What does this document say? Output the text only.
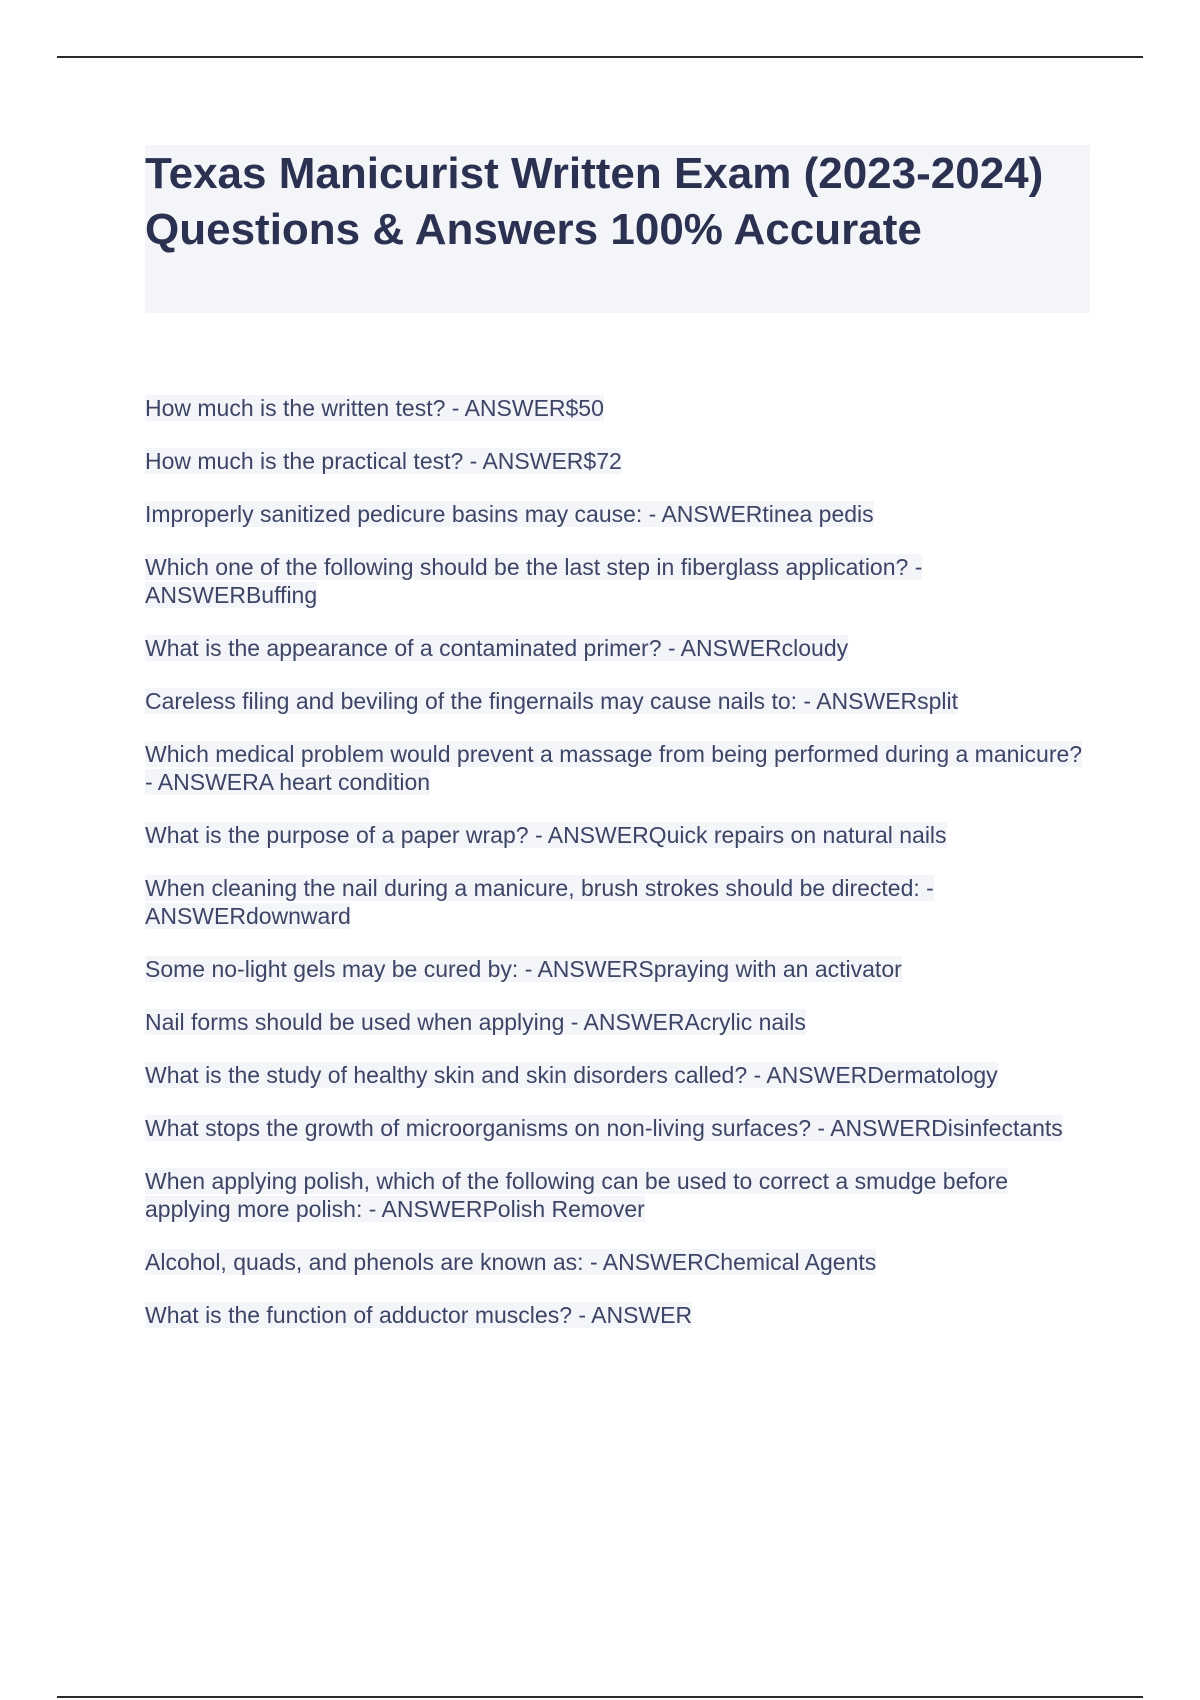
Texas Manicurist Written Exam (2023-2024) Questions & Answers 100% Accurate
How much is the written test? - ANSWER$50
How much is the practical test? - ANSWER$72
Improperly sanitized pedicure basins may cause: - ANSWERtinea pedis
Which one of the following should be the last step in fiberglass application? - ANSWERBuffing
What is the appearance of a contaminated primer? - ANSWERcloudy
Careless filing and beviling of the fingernails may cause nails to: - ANSWERsplit
Which medical problem would prevent a massage from being performed during a manicure? - ANSWERA heart condition
What is the purpose of a paper wrap? - ANSWERQuick repairs on natural nails
When cleaning the nail during a manicure, brush strokes should be directed: - ANSWERdownward
Some no-light gels may be cured by: - ANSWERSpraying with an activator
Nail forms should be used when applying - ANSWERAcrylic nails
What is the study of healthy skin and skin disorders called? - ANSWERDermatology
What stops the growth of microorganisms on non-living surfaces? - ANSWERDisinfectants
When applying polish, which of the following can be used to correct a smudge before applying more polish: - ANSWERPolish Remover
Alcohol, quads, and phenols are known as: - ANSWERChemical Agents
What is the function of adductor muscles? - ANSWER
